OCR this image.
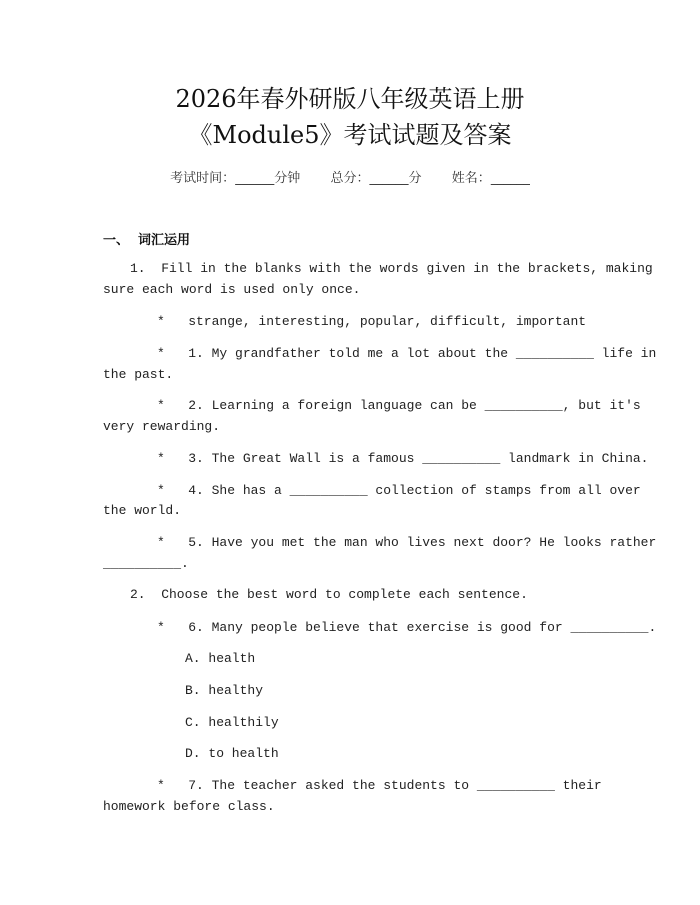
2026年春外研版八年级英语上册
《Module5》考试试题及答案
考试时间：______分钟 总分：______分 姓名：______
一、 词汇运用
1.  Fill in the blanks with the words given in the brackets, making
sure each word is used only once.
*   strange, interesting, popular, difficult, important
*   1. My grandfather told me a lot about the __________ life in
the past.
*   2. Learning a foreign language can be __________, but it's
very rewarding.
*   3. The Great Wall is a famous __________ landmark in China.
*   4. She has a __________ collection of stamps from all over
the world.
*   5. Have you met the man who lives next door? He looks rather
__________.
2.  Choose the best word to complete each sentence.
*   6. Many people believe that exercise is good for __________.
A. health
B. healthy
C. healthily
D. to health
*   7. The teacher asked the students to __________ their
homework before class.
